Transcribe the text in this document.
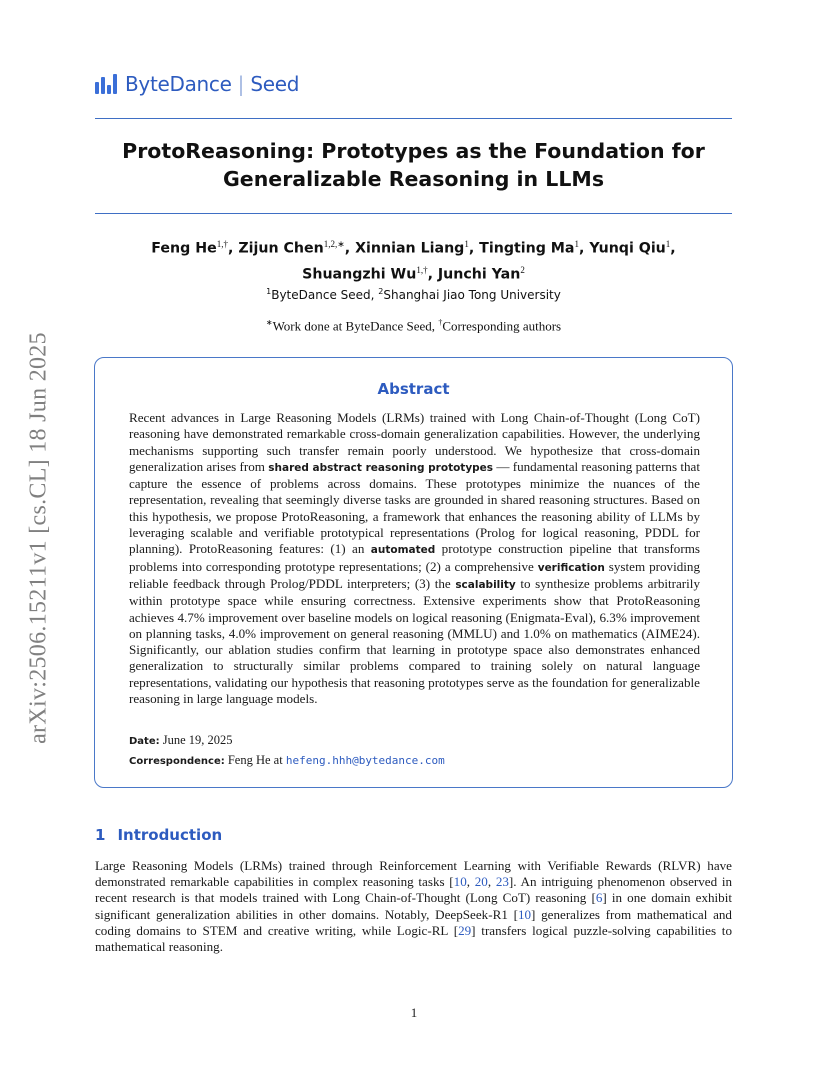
ByteDance | Seed
ProtoReasoning: Prototypes as the Foundation for
Generalizable Reasoning in LLMs
Feng $He^{1,\dagger}$, Zijun Chen$^{1,2,∗}$, Xinnian Liang$^1$, Tingting Ma$^1$, Yunqi Qiu$^1$,
Shuangzhi $Wu^{1,\dagger}$, Junchi Yan$^2$
$^1$ByteDance Seed, $^2$Shanghai Jiao Tong University
∗Work done at ByteDance Seed, †Corresponding authors
Abstract
Recent advances in Large Reasoning Models (LRMs) trained with Long Chain-of-Thought (Long CoT) reasoning have demonstrated remarkable cross-domain generalization capabilities. However, the underlying mechanisms supporting such transfer remain poorly understood. We hypothesize that cross-domain generalization arises from shared abstract reasoning prototypes — fundamental reasoning patterns that capture the essence of problems across domains. These prototypes minimize the nuances of the representation, revealing that seemingly diverse tasks are grounded in shared reasoning structures. Based on this hypothesis, we propose ProtoReasoning, a framework that enhances the reasoning ability of LLMs by leveraging scalable and verifiable prototypical representations (Prolog for logical reasoning, PDDL for planning). ProtoReasoning features: (1) an automated prototype construction pipeline that transforms problems into corresponding prototype representations; (2) a comprehensive verification system providing reliable feedback through Prolog/PDDL interpreters; (3) the scalability to synthesize problems arbitrarily within prototype space while ensuring correctness. Extensive experiments show that ProtoReasoning achieves 4.7% improvement over baseline models on logical reasoning (Enigmata-Eval), 6.3% improvement on planning tasks, 4.0% improvement on general reasoning (MMLU) and 1.0% on mathematics (AIME24). Significantly, our ablation studies confirm that learning in prototype space also demonstrates enhanced generalization to structurally similar problems compared to training solely on natural language representations, validating our hypothesis that reasoning prototypes serve as the foundation for generalizable reasoning in large language models.
Date: June 19, 2025
Correspondence: Feng He at hefeng.hhh@bytedance.com
1 Introduction
Large Reasoning Models (LRMs) trained through Reinforcement Learning with Verifiable Rewards (RLVR) have demonstrated remarkable capabilities in complex reasoning tasks [10, 20, 23]. An intriguing phenomenon observed in recent research is that models trained with Long Chain-of-Thought (Long CoT) reasoning [6] in one domain exhibit significant generalization abilities in other domains. Notably, DeepSeek-R1 [10] generalizes from mathematical and coding domains to STEM and creative writing, while Logic-RL [29] transfers logical puzzle-solving capabilities to mathematical reasoning.
1
arXiv:2506.15211v1 [cs.CL] 18 Jun 2025
